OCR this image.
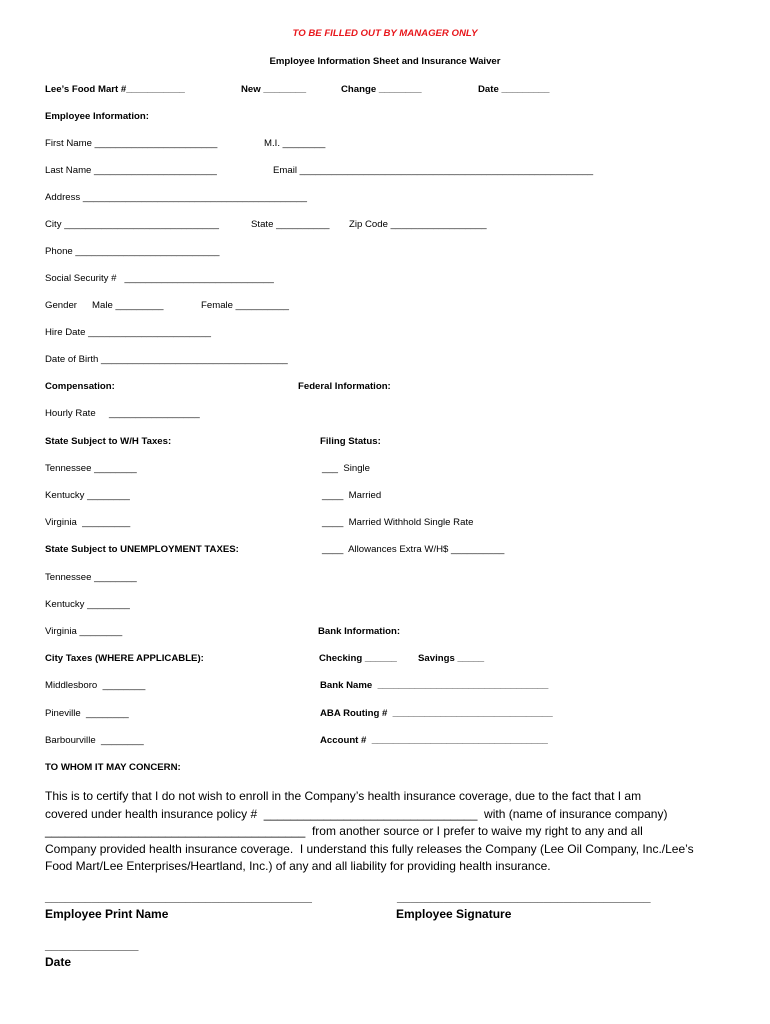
TO BE FILLED OUT BY MANAGER ONLY
Employee Information Sheet and Insurance Waiver
Lee’s Food Mart #___________	New ________	Change ________	Date _________
Employee Information:
First Name _______________________	M.I. ________
Last Name _______________________	Email _______________________________________________________
Address __________________________________________
City _____________________________	State __________ Zip Code __________________
Phone ___________________________
Social Security #   ____________________________
Gender Male _________	Female __________
Hire Date _______________________
Date of Birth ___________________________________
Compensation:	Federal Information:
Hourly Rate     _________________
State Subject to W/H Taxes:	Filing Status:
Tennessee ________	___  Single
Kentucky ________	____  Married
Virginia  _________	____  Married Withhold Single Rate
State Subject to UNEMPLOYMENT TAXES:	____  Allowances Extra W/H$ __________
Tennessee ________
Kentucky ________
Virginia ________	Bank Information:
City Taxes (WHERE APPLICABLE):	Checking ______ Savings _____
Middlesboro  ________	Bank Name  ________________________________
Pineville  ________	ABA Routing #  ______________________________
Barbourville  ________	Account #  _________________________________
TO WHOM IT MAY CONCERN:
This is to certify that I do not wish to enroll in the Company’s health insurance coverage, due to the fact that I am
covered under health insurance policy #  ________________________________  with (name of insurance company)
_______________________________________  from another source or I prefer to waive my right to any and all
Company provided health insurance coverage.  I understand this fully releases the Company (Lee Oil Company, Inc./Lee’s
Food Mart/Lee Enterprises/Heartland, Inc.) of any and all liability for providing health insurance.
________________________________________
Employee Print Name
______________________________________
Employee Signature
______________
Date
